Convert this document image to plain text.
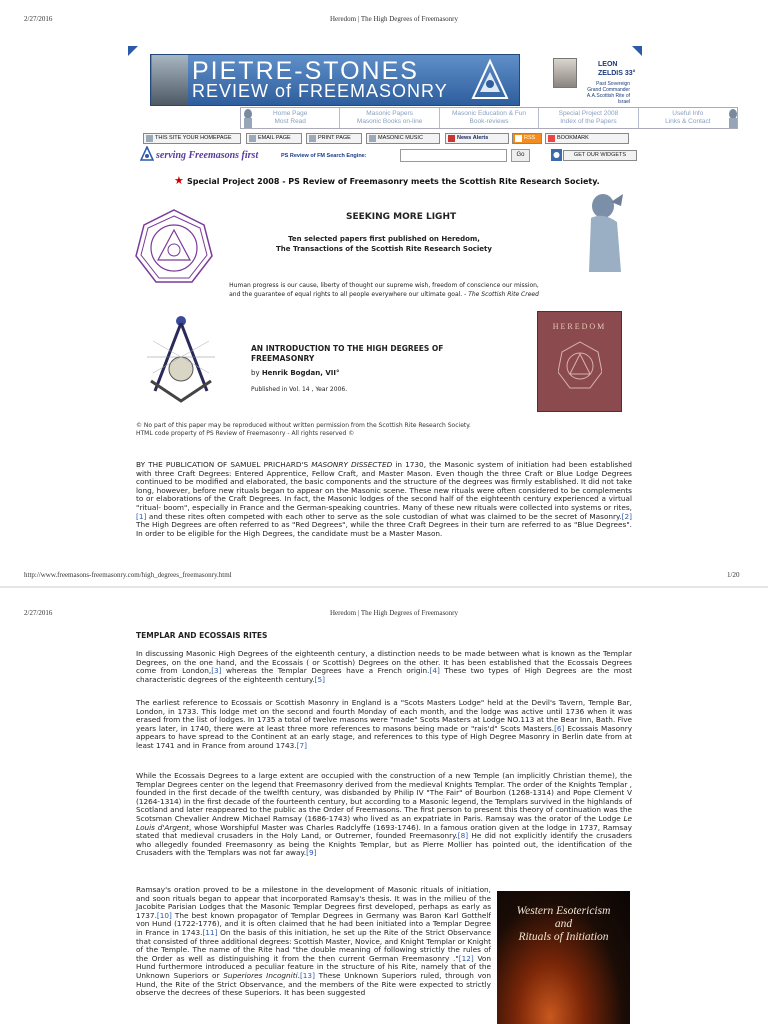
2/27/2016	Heredom | The High Degrees of Freemasonry
PIETRE-STONES
REVIEW of FREEMASONRY
LEON
ZELDIS 33°
Past Sovereign
Grand Commander
A.A.Scottish Rite of Israel
Home Page
Most Read
Masonic Papers
Masonic Books on-line
Masonic Education & Fun
Book-reviews
Special Project 2008
Index of the Papers
Useful Info
Links & Contact
THIS SITE YOUR HOMEPAGE	EMAIL PAGE	PRINT PAGE	MASONIC MUSIC	News Alerts	RSS	BOOKMARK
serving Freemasons first	PS Review of FM Search Engine:	Go	GET OUR WIDGETS
★ Special Project 2008 - PS Review of Freemasonry meets the Scottish Rite Research Society.
SEEKING MORE LIGHT
Ten selected papers first published on Heredom,
The Transactions of the Scottish Rite Research Society
Human progress is our cause, liberty of thought our supreme wish, freedom of conscience our mission,
and the guarantee of equal rights to all people everywhere our ultimate goal. - The Scottish Rite Creed
AN INTRODUCTION TO THE HIGH DEGREES OF
FREEMASONRY
by Henrik Bogdan, VII°
Published in Vol. 14 , Year 2006.
HEREDOM
© No part of this paper may be reproduced without written permission from the Scottish Rite Research Society.
HTML code property of PS Review of Freemasonry - All rights reserved ©
BY THE PUBLICATION OF SAMUEL PRICHARD'S MASONRY DISSECTED in 1730, the Masonic system of initiation had been established with three Craft Degrees: Entered Apprentice, Fellow Craft, and Master Mason. Even though the three Craft or Blue Lodge Degrees continued to be modified and elaborated, the basic components and the structure of the degrees was firmly established. It did not take long, however, before new rituals began to appear on the Masonic scene. These new rituals were often considered to be complements to or elaborations of the Craft Degrees. In fact, the Masonic lodges of the second half of the eighteenth century experienced a virtual "ritual- boom", especially in France and the German-speaking countries. Many of these new rituals were collected into systems or rites, [1] and these rites often competed with each other to serve as the sole custodian of what was claimed to be the secret of Masonry.[2] The High Degrees are often referred to as "Red Degrees", while the three Craft Degrees in their turn are referred to as "Blue Degrees". In order to be eligible for the High Degrees, the candidate must be a Master Mason.
http://www.freemasons-freemasonry.com/high_degrees_freemasonry.html	1/20
2/27/2016	Heredom | The High Degrees of Freemasonry
TEMPLAR AND ECOSSAIS RITES
In discussing Masonic High Degrees of the eighteenth century, a distinction needs to be made between what is known as the Templar Degrees, on the one hand, and the Ecossais ( or Scottish) Degrees on the other. It has been established that the Ecossais Degrees come from London,[3] whereas the Templar Degrees have a French origin.[4] These two types of High Degrees are the most characteristic degrees of the eighteenth century.[5]
The earliest reference to Ecossais or Scottish Masonry in England is a "Scots Masters Lodge" held at the Devil's Tavern, Temple Bar, London, in 1733. This lodge met on the second and fourth Monday of each month, and the lodge was active until 1736 when it was erased from the list of lodges. In 1735 a total of twelve masons were "made" Scots Masters at Lodge NO.113 at the Bear Inn, Bath. Five years later, in 1740, there were at least three more references to masons being made or "rais'd" Scots Masters.[6] Ecossais Masonry appears to have spread to the Continent at an early stage, and references to this type of High Degree Masonry in Berlin date from at least 1741 and in France from around 1743.[7]
While the Ecossais Degrees to a large extent are occupied with the construction of a new Temple (an implicitly Christian theme), the Templar Degrees center on the legend that Freemasonry derived from the medieval Knights Templar. The order of the Knights Templar , founded in the first decade of the twelfth century, was disbanded by Philip IV "The Fair" of Bourbon (1268-1314) and Pope Clement V (1264-1314) in the first decade of the fourteenth century, but according to a Masonic legend, the Templars survived in the highlands of Scotland and later reappeared to the public as the Order of Freemasons. The first person to present this theory of continuation was the Scotsman Chevalier Andrew Michael Ramsay (1686-1743) who lived as an expatriate in Paris. Ramsay was the orator of the Lodge Le Louis d'Argent, whose Worshipful Master was Charles Radclyffe (1693-1746). In a famous oration given at the lodge in 1737, Ramsay stated that medieval crusaders in the Holy Land, or Outremer, founded Freemasonry.[8] He did not explicitly identify the crusaders who allegedly founded Freemasonry as being the Knights Templar, but as Pierre Mollier has pointed out, the identification of the Crusaders with the Templars was not far away.[9]
Ramsay's oration proved to be a milestone in the development of Masonic rituals of initiation, and soon rituals began to appear that incorporated Ramsay's thesis. It was in the milieu of the Jacobite Parisian Lodges that the Masonic Templar Degrees first developed, perhaps as early as 1737.[10] The best known propagator of Templar Degrees in Germany was Baron Karl Gotthelf von Hund (1722-1776), and it is often claimed that he had been initiated into a Templar Degree in France in 1743.[11] On the basis of this initiation, he set up the Rite of the Strict Observance that consisted of three additional degrees: Scottish Master, Novice, and Knight Templar or Knight of the Temple. The name of the Rite had "the double meaning of following strictly the rules of the Order as well as distinguishing it from the then current German Freemasonry ."[12] Von Hund furthermore introduced a peculiar feature in the structure of his Rite, namely that of the Unknown Superiors or Superiores Incogniti.[13] These Unknown Superiors ruled, through von Hund, the Rite of the Strict Observance, and the members of the Rite were expected to strictly observe the decrees of these Superiors. It has been suggested
Western Esotericism
and
Rituals of Initiation
